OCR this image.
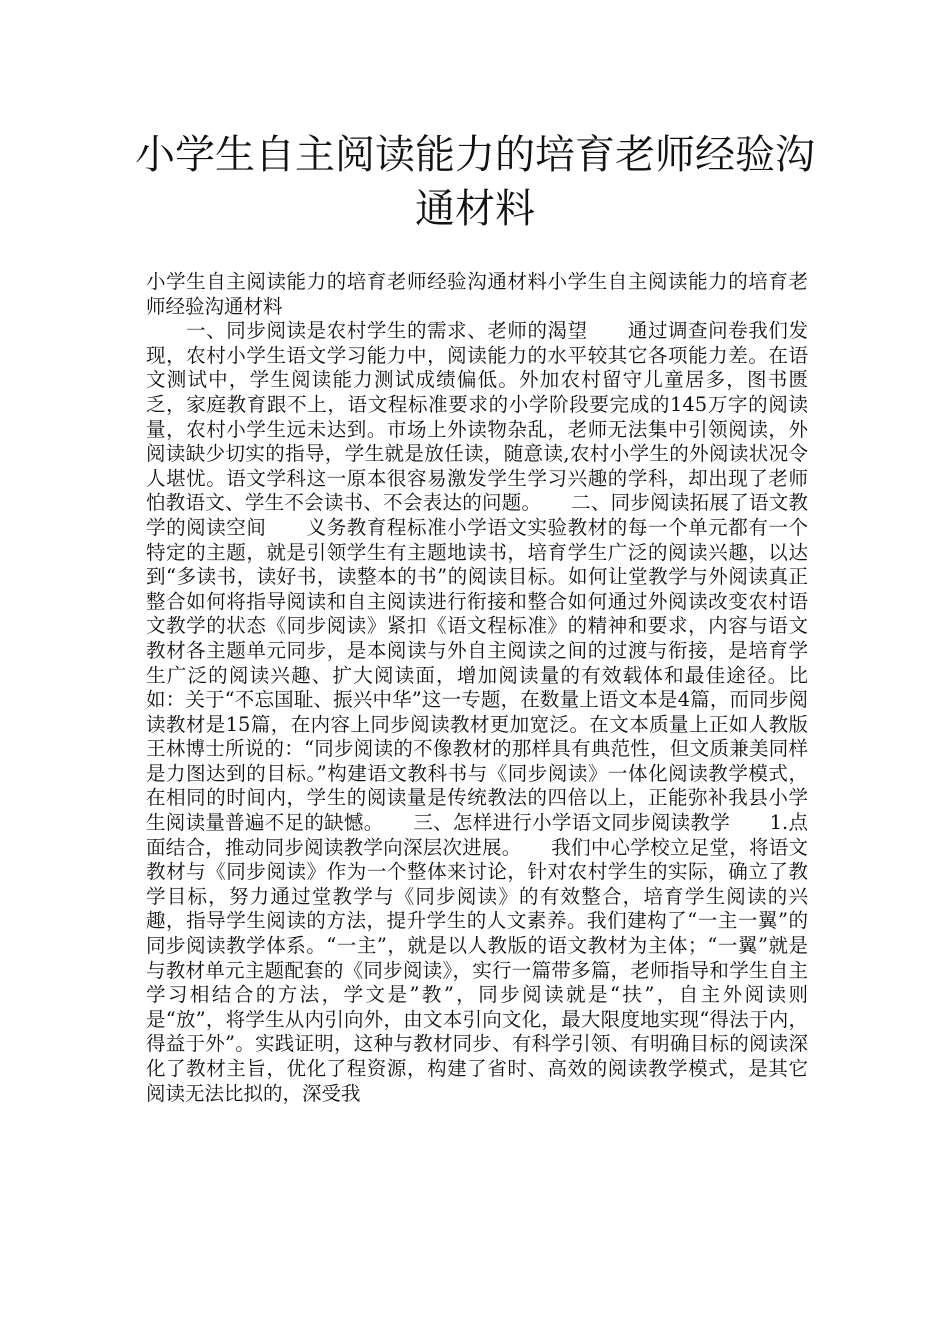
小学生自主阅读能力的培育老师经验沟通材料

小学生自主阅读能力的培育老师经验沟通材料小学生自主阅读能力的培育老师经验沟通材料
　　一、同步阅读是农村学生的需求、老师的渴望　　通过调查问卷我们发现，农村小学生语文学习能力中，阅读能力的水平较其它各项能力差。在语文测试中，学生阅读能力测试成绩偏低。外加农村留守儿童居多，图书匮乏，家庭教育跟不上，语文程标准要求的小学阶段要完成的145万字的阅读量，农村小学生远未达到。市场上外读物杂乱，老师无法集中引领阅读，外阅读缺少切实的指导，学生就是放任读，随意读,农村小学生的外阅读状况令人堪忧。语文学科这一原本很容易激发学生学习兴趣的学科，却出现了老师怕教语文、学生不会读书、不会表达的问题。　　二、同步阅读拓展了语文教学的阅读空间　　义务教育程标准小学语文实验教材的每一个单元都有一个特定的主题，就是引领学生有主题地读书，培育学生广泛的阅读兴趣，以达到“多读书，读好书，读整本的书”的阅读目标。如何让堂教学与外阅读真正整合如何将指导阅读和自主阅读进行衔接和整合如何通过外阅读改变农村语文教学的状态《同步阅读》紧扣《语文程标准》的精神和要求，内容与语文教材各主题单元同步，是本阅读与外自主阅读之间的过渡与衔接，是培育学生广泛的阅读兴趣、扩大阅读面，增加阅读量的有效载体和最佳途径。比如：关于“不忘国耻、振兴中华”这一专题，在数量上语文本是4篇，而同步阅读教材是15篇，在内容上同步阅读教材更加宽泛。在文本质量上正如人教版王林博士所说的：“同步阅读的不像教材的那样具有典范性，但文质兼美同样是力图达到的目标。”构建语文教科书与《同步阅读》一体化阅读教学模式，在相同的时间内，学生的阅读量是传统教法的四倍以上，正能弥补我县小学生阅读量普遍不足的缺憾。　　三、怎样进行小学语文同步阅读教学　　1.点面结合，推动同步阅读教学向深层次进展。　　我们中心学校立足堂，将语文教材与《同步阅读》作为一个整体来讨论，针对农村学生的实际，确立了教学目标，努力通过堂教学与《同步阅读》的有效整合，培育学生阅读的兴趣，指导学生阅读的方法，提升学生的人文素养。我们建构了“一主一翼”的同步阅读教学体系。“一主”，就是以人教版的语文教材为主体；“一翼”就是与教材单元主题配套的《同步阅读》，实行一篇带多篇，老师指导和学生自主学习相结合的方法，学文是”教”，同步阅读就是“扶”，自主外阅读则是“放”，将学生从内引向外，由文本引向文化，最大限度地实现“得法于内，得益于外”。实践证明，这种与教材同步、有科学引领、有明确目标的阅读深化了教材主旨，优化了程资源，构建了省时、高效的阅读教学模式，是其它阅读无法比拟的，深受我
